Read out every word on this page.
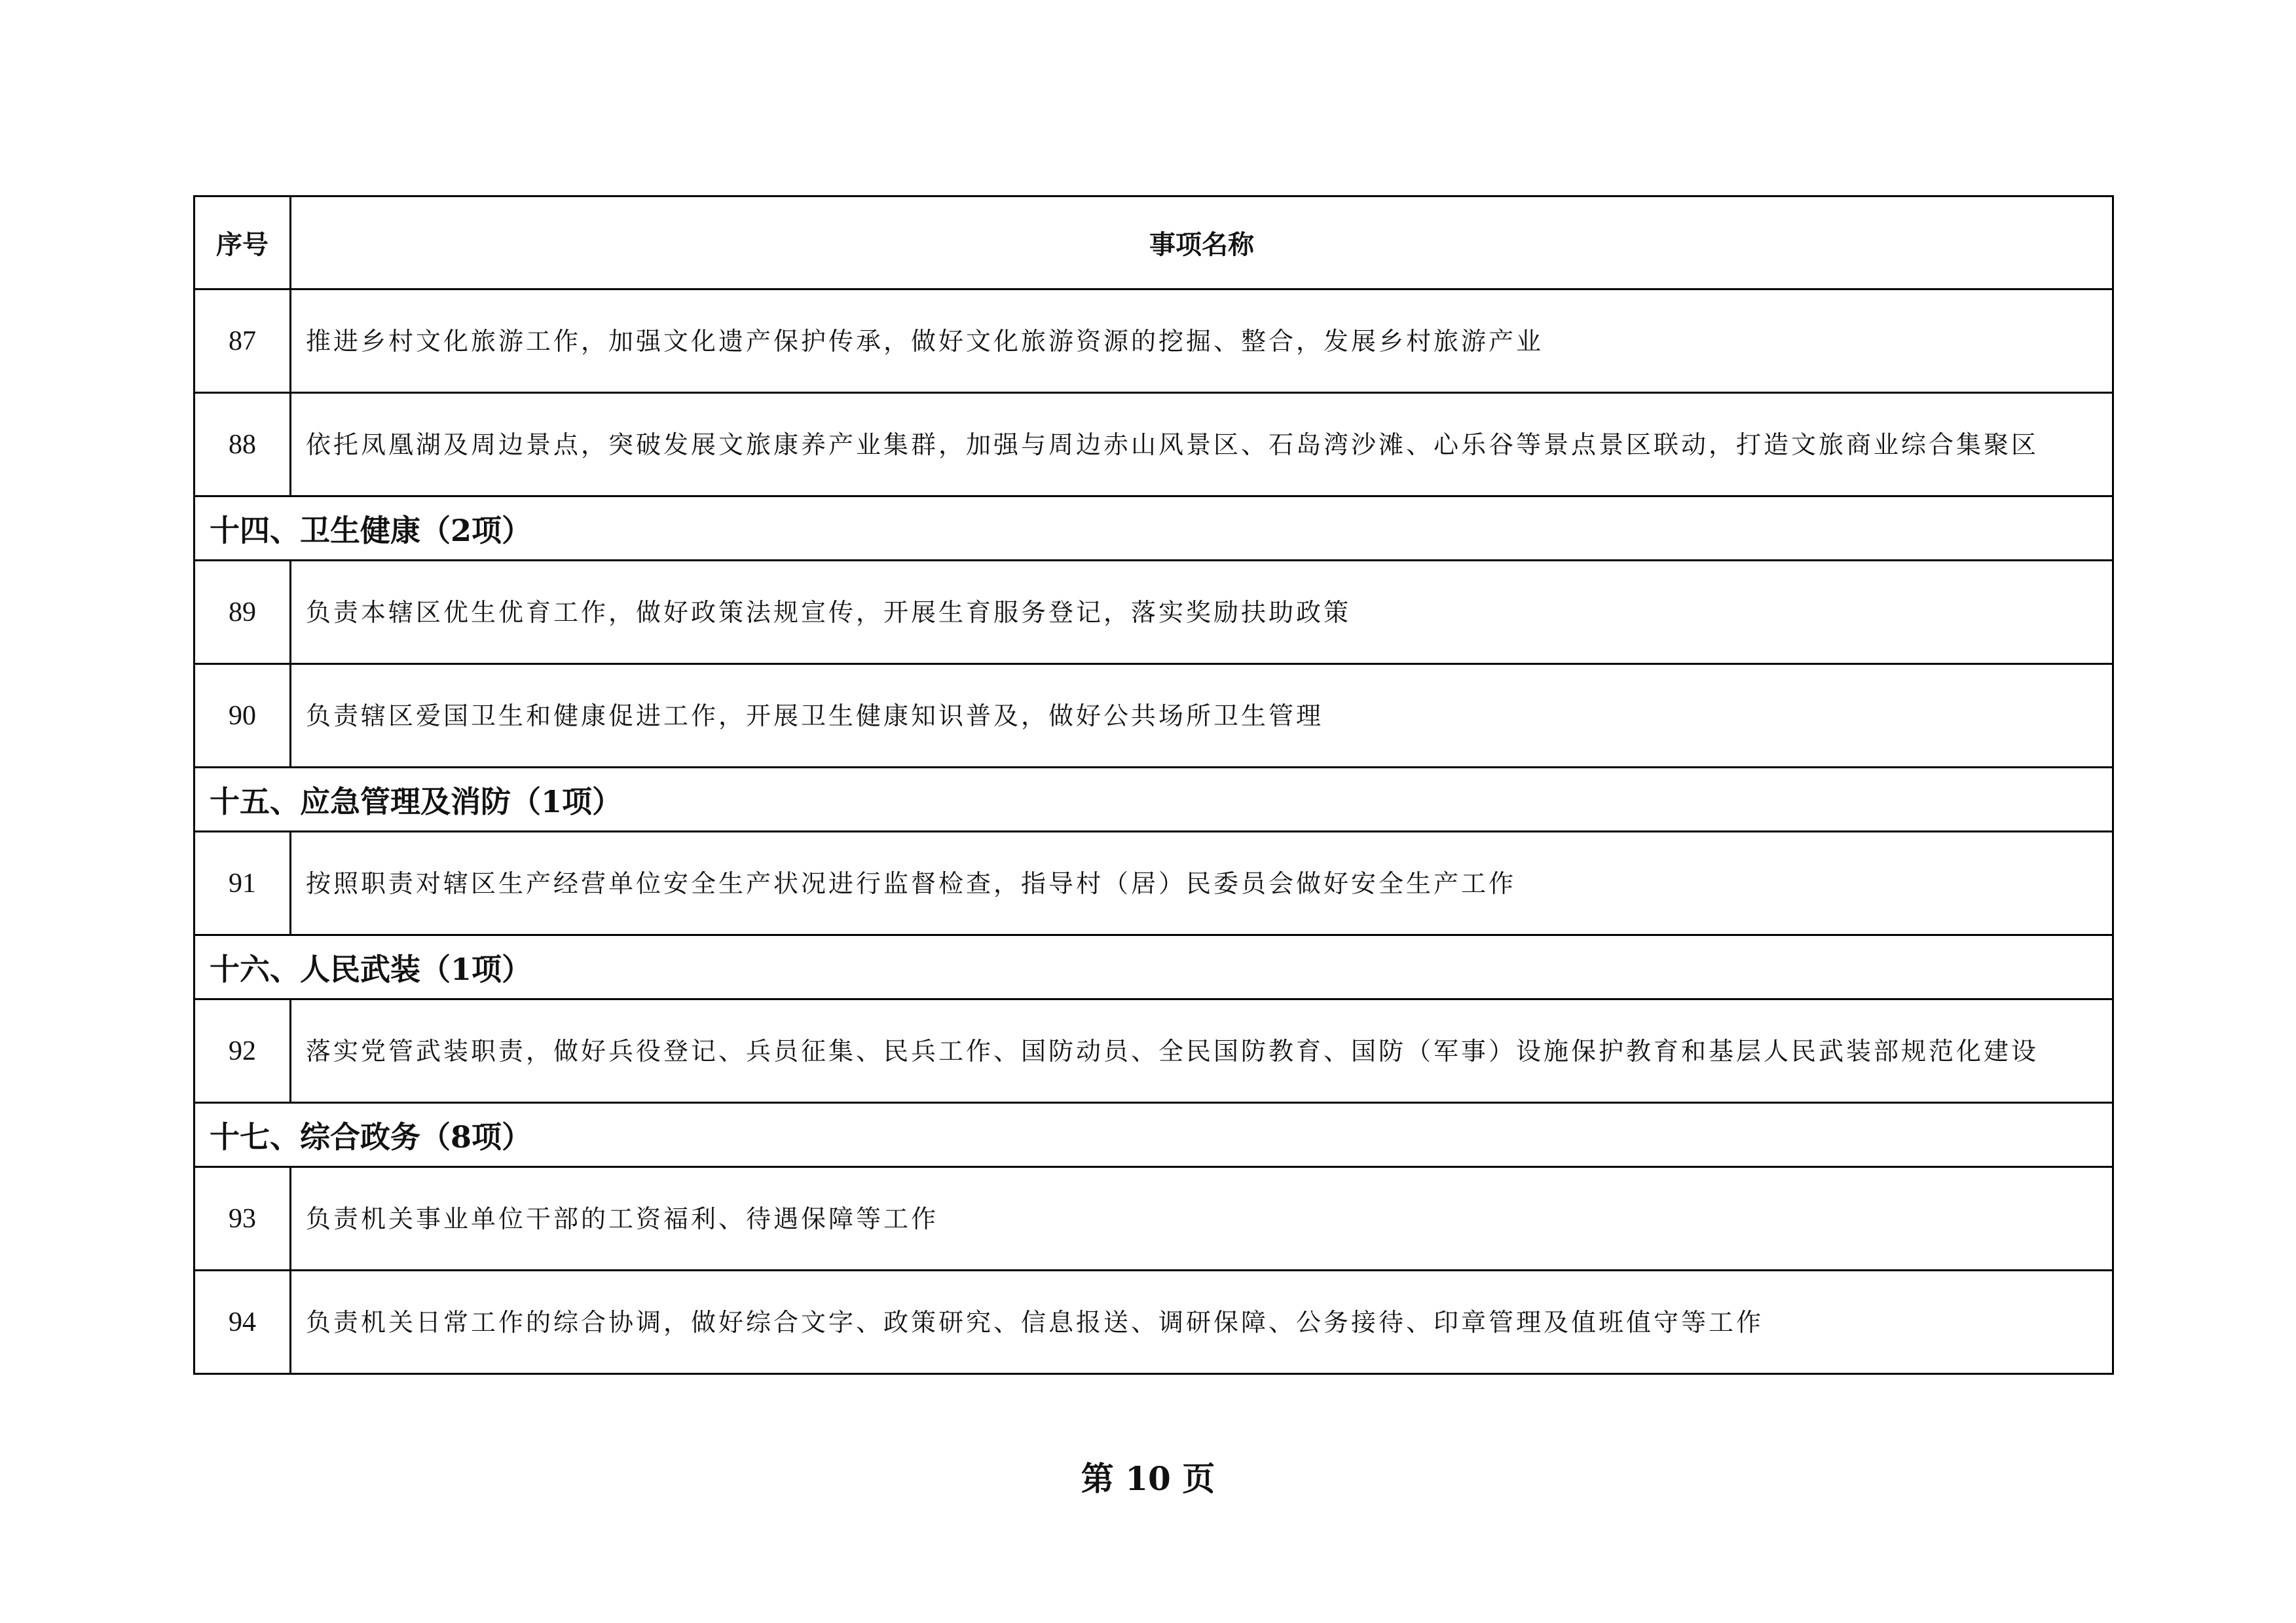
序号	事项名称
87	推进乡村文化旅游工作，加强文化遗产保护传承，做好文化旅游资源的挖掘、整合，发展乡村旅游产业
88	依托凤凰湖及周边景点，突破发展文旅康养产业集群，加强与周边赤山风景区、石岛湾沙滩、心乐谷等景点景区联动，打造文旅商业综合集聚区
十四、卫生健康（2项）	
89	负责本辖区优生优育工作，做好政策法规宣传，开展生育服务登记，落实奖励扶助政策
90	负责辖区爱国卫生和健康促进工作，开展卫生健康知识普及，做好公共场所卫生管理
十五、应急管理及消防（1项）	
91	按照职责对辖区生产经营单位安全生产状况进行监督检查，指导村（居）民委员会做好安全生产工作
十六、人民武装（1项）	
92	落实党管武装职责，做好兵役登记、兵员征集、民兵工作、国防动员、全民国防教育、国防（军事）设施保护教育和基层人民武装部规范化建设
十七、综合政务（8项）	
93	负责机关事业单位干部的工资福利、待遇保障等工作
94	负责机关日常工作的综合协调，做好综合文字、政策研究、信息报送、调研保障、公务接待、印章管理及值班值守等工作
第 10 页
